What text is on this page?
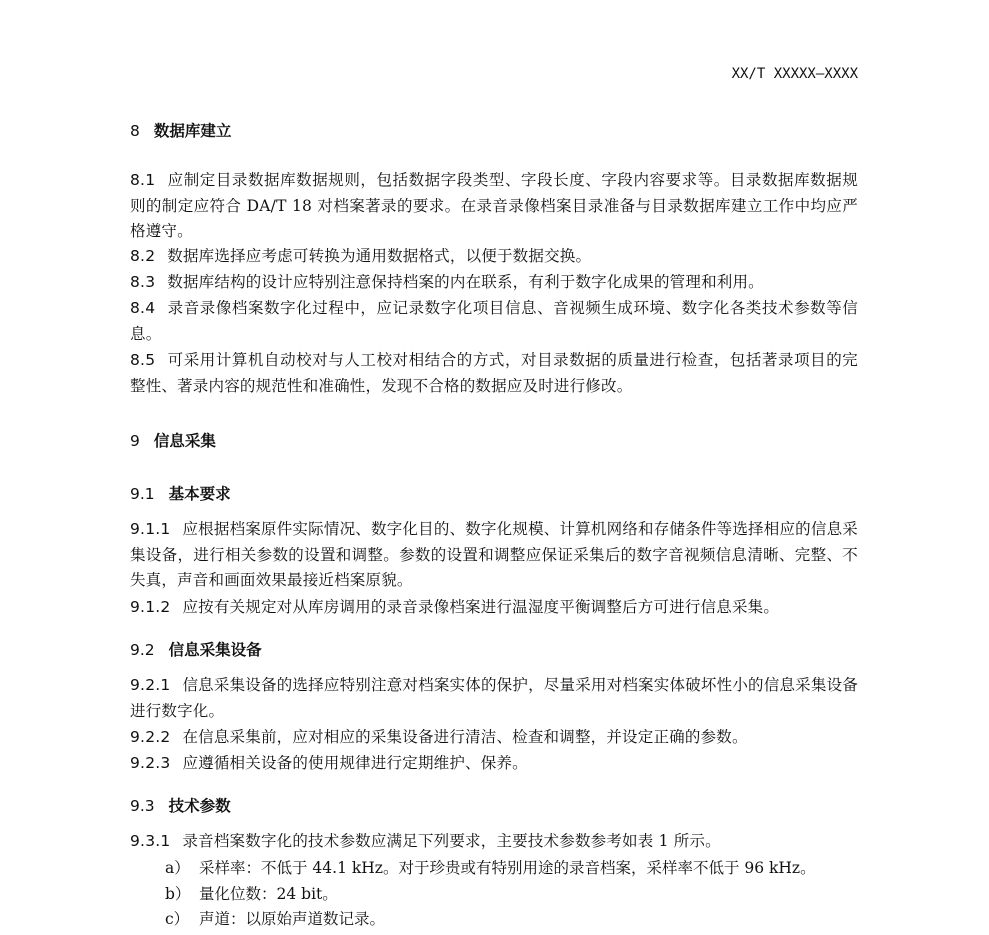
XX/T XXXXX—XXXX
8 数据库建立
8.1 应制定目录数据库数据规则，包括数据字段类型、字段长度、字段内容要求等。目录数据库数据规则的制定应符合 DA/T 18 对档案著录的要求。在录音录像档案目录准备与目录数据库建立工作中均应严格遵守。
8.2 数据库选择应考虑可转换为通用数据格式，以便于数据交换。
8.3 数据库结构的设计应特别注意保持档案的内在联系，有利于数字化成果的管理和利用。
8.4 录音录像档案数字化过程中，应记录数字化项目信息、音视频生成环境、数字化各类技术参数等信息。
8.5 可采用计算机自动校对与人工校对相结合的方式，对目录数据的质量进行检查，包括著录项目的完整性、著录内容的规范性和准确性，发现不合格的数据应及时进行修改。
9 信息采集
9.1 基本要求
9.1.1 应根据档案原件实际情况、数字化目的、数字化规模、计算机网络和存储条件等选择相应的信息采集设备，进行相关参数的设置和调整。参数的设置和调整应保证采集后的数字音视频信息清晰、完整、不失真，声音和画面效果最接近档案原貌。
9.1.2 应按有关规定对从库房调用的录音录像档案进行温湿度平衡调整后方可进行信息采集。
9.2 信息采集设备
9.2.1 信息采集设备的选择应特别注意对档案实体的保护，尽量采用对档案实体破坏性小的信息采集设备进行数字化。
9.2.2 在信息采集前，应对相应的采集设备进行清洁、检查和调整，并设定正确的参数。
9.2.3 应遵循相关设备的使用规律进行定期维护、保养。
9.3 技术参数
9.3.1 录音档案数字化的技术参数应满足下列要求，主要技术参数参考如表 1 所示。
a） 采样率：不低于 44.1 kHz。对于珍贵或有特别用途的录音档案，采样率不低于 96 kHz。
b） 量化位数：24 bit。
c） 声道：以原始声道数记录。
